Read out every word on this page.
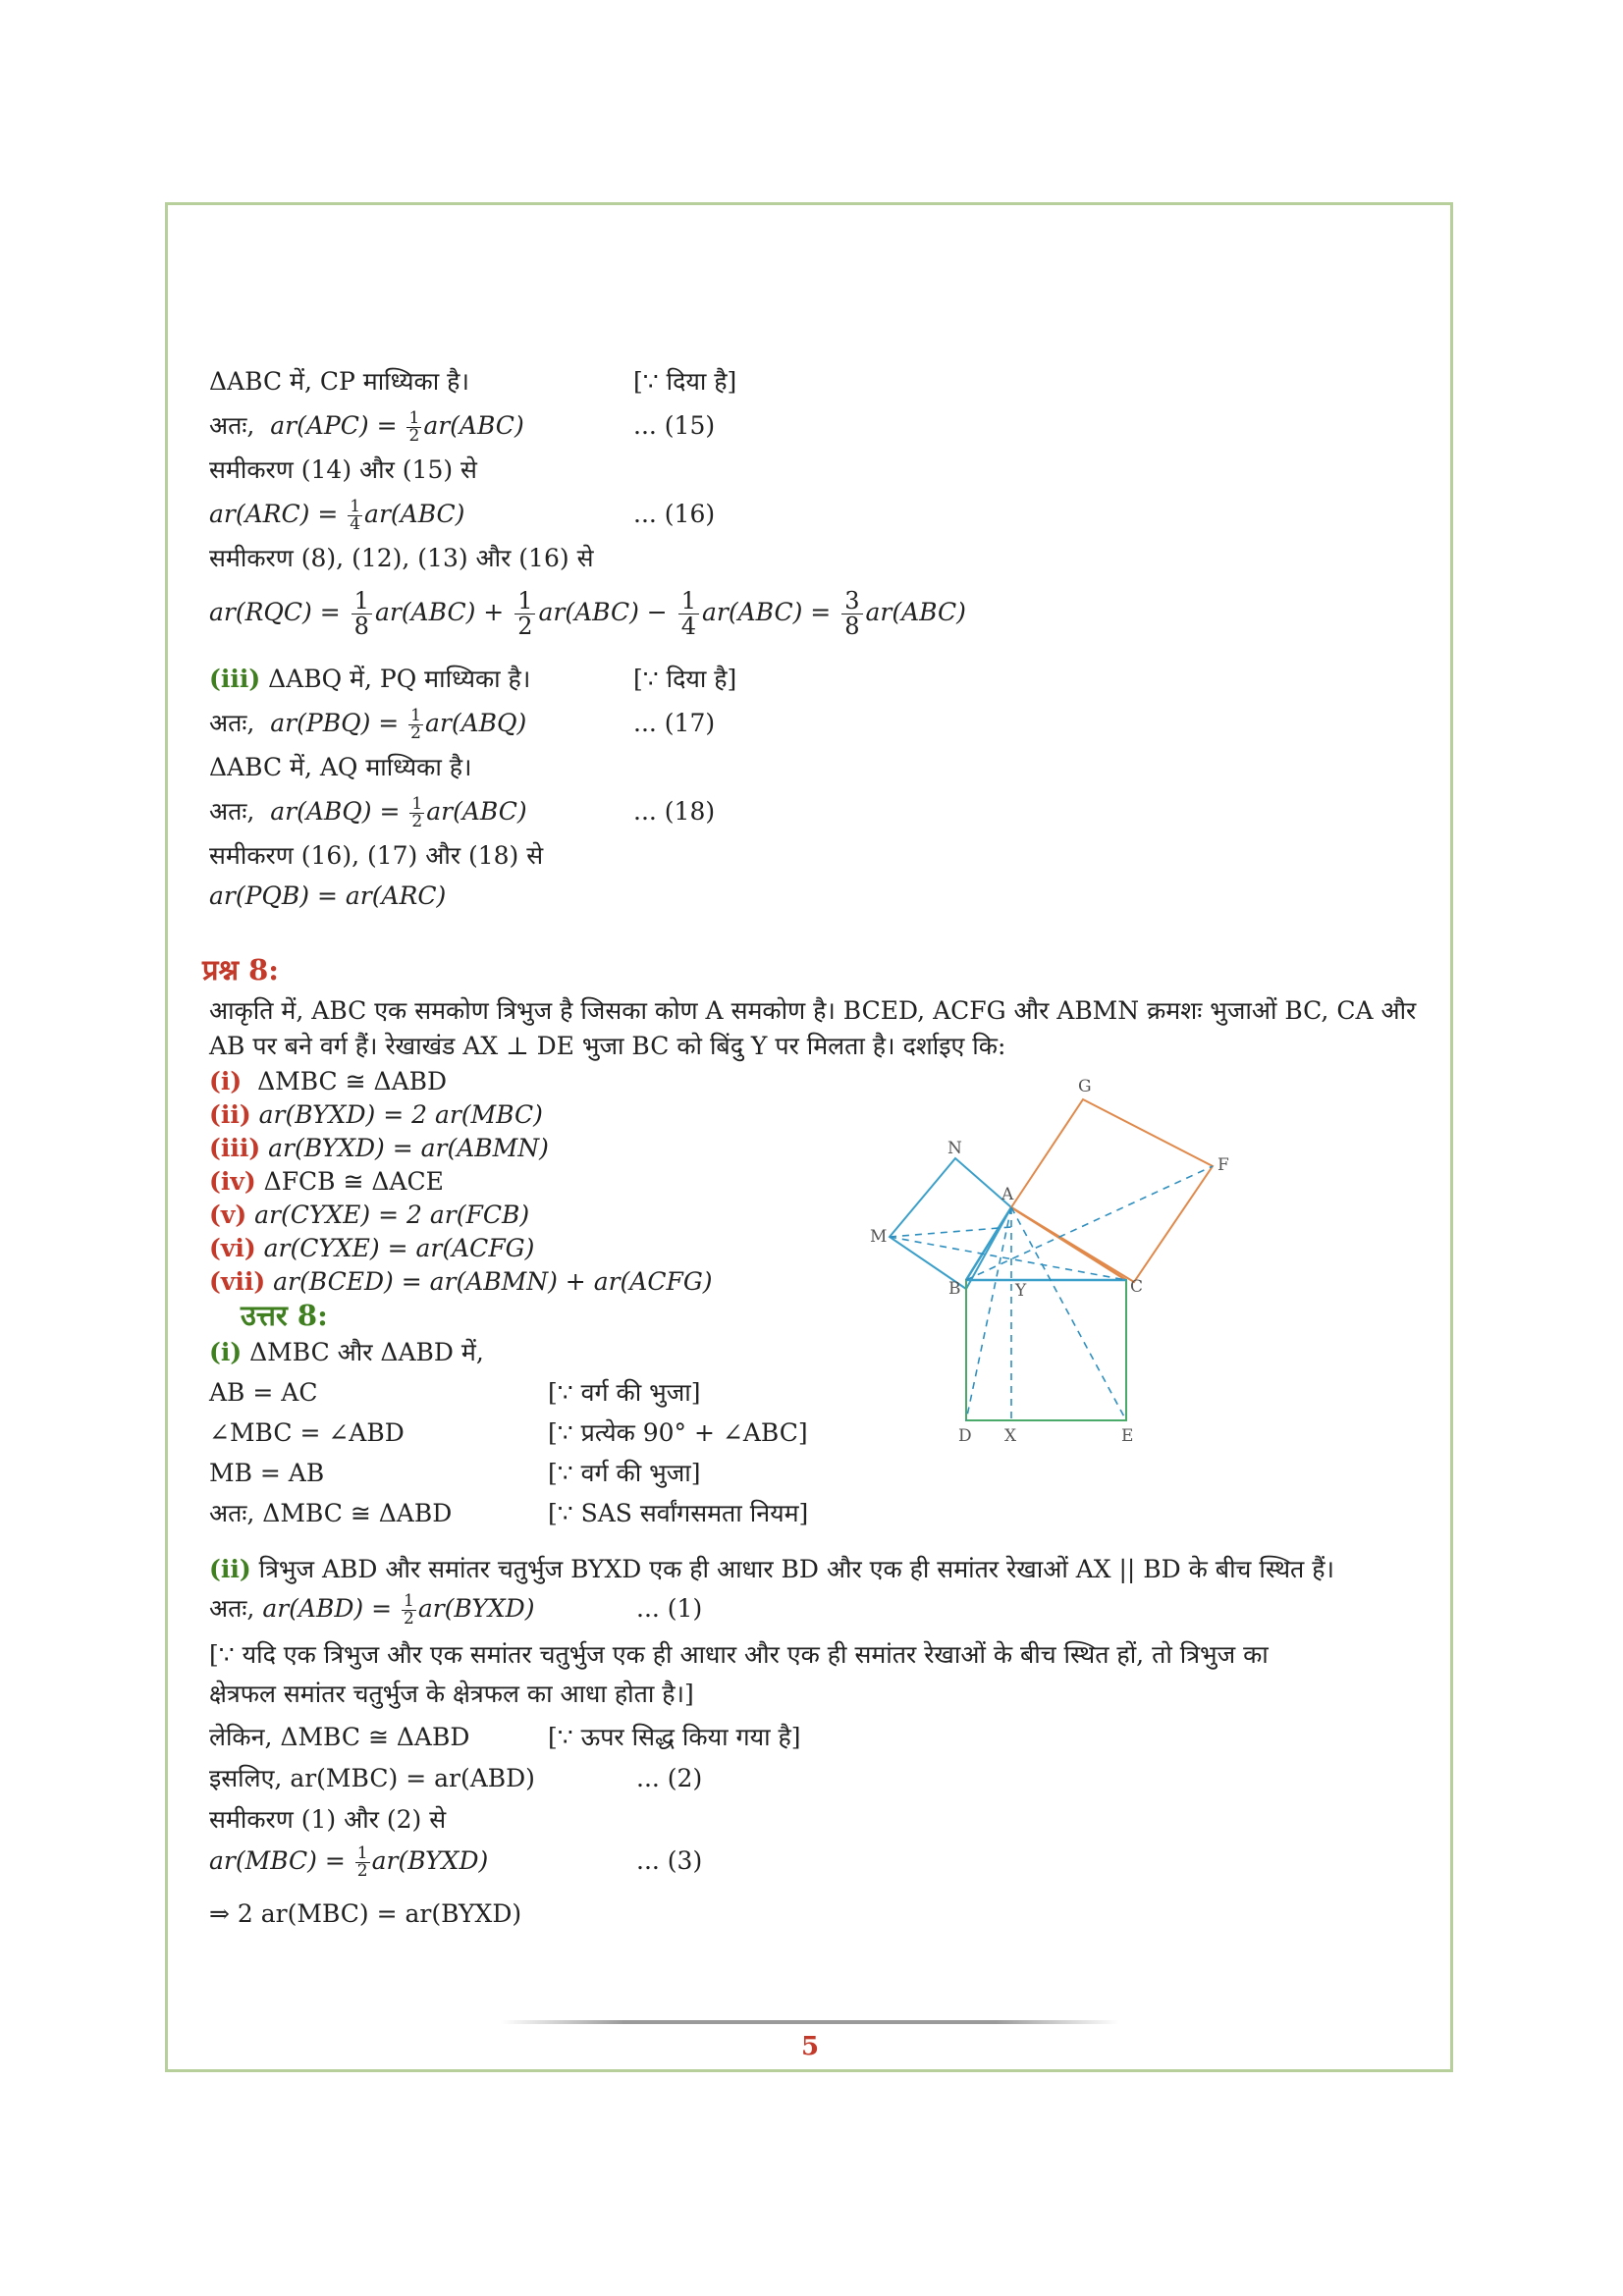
ΔABC में, CP माध्यिका है।	[∵ दिया है]
अतः, $ar(APC) = \frac{1}{2} ar(ABC)$	... (15)
समीकरण (14) और (15) से
$ar(ARC) = \frac{1}{4} ar(ABC)$	... (16)
समीकरण (8), (12), (13) और (16) से
$ar(RQC) = \frac{1}{8} ar(ABC) + \frac{1}{2} ar(ABC) - \frac{1}{4} ar(ABC) = \frac{3}{8} ar(ABC)$
(iii) ΔABQ में, PQ माध्यिका है।	[∵ दिया है]
अतः, $ar(PBQ) = \frac{1}{2} ar(ABQ)$	... (17)
ΔABC में, AQ माध्यिका है।
अतः, $ar(ABQ) = \frac{1}{2} ar(ABC)$	... (18)
समीकरण (16), (17) और (18) से
ar(PQB) = ar(ARC)
प्रश्न 8:
आकृति में, ABC एक समकोण त्रिभुज है जिसका कोण A समकोण है। BCED, ACFG और ABMN क्रमशः भुजाओं BC, CA और
AB पर बने वर्ग हैं। रेखाखंड AX ⊥ DE भुजा BC को बिंदु Y पर मिलता है। दर्शाइए कि:
(i) ΔMBC ≅ ΔABD
(ii) ar(BYXD) = 2 ar(MBC)
(iii) ar(BYXD) = ar(ABMN)
(iv) ΔFCB ≅ ΔACE
(v) ar(CYXE) = 2 ar(FCB)
(vi) ar(CYXE) = ar(ACFG)
(vii) ar(BCED) = ar(ABMN) + ar(ACFG)
उत्तर 8:
(i) ΔMBC और ΔABD में,
AB = AC	[∵ वर्ग की भुजा]
∠MBC = ∠ABD	[∵ प्रत्येक 90° + ∠ABC]
MB = AB	[∵ वर्ग की भुजा]
अतः, ΔMBC ≅ ΔABD	[∵ SAS सर्वांगसमता नियम]
(ii) त्रिभुज ABD और समांतर चतुर्भुज BYXD एक ही आधार BD और एक ही समांतर रेखाओं AX || BD के बीच स्थित हैं।
अतः, $ar(ABD) = \frac{1}{2}$ ar(BYXD)	... (1)
[∵ यदि एक त्रिभुज और एक समांतर चतुर्भुज एक ही आधार और एक ही समांतर रेखाओं के बीच स्थित हों, तो त्रिभुज का
क्षेत्रफल समांतर चतुर्भुज के क्षेत्रफल का आधा होता है।]
लेकिन, ΔMBC ≅ ΔABD	[∵ ऊपर सिद्ध किया गया है]
इसलिए, ar(MBC) = ar(ABD)	... (2)
समीकरण (1) और (2) से
$ar(MBC) = \frac{1}{2}$ ar(BYXD)	... (3)
⇒ 2 ar(MBC) = ar(BYXD)
G
F
N
A
M
B	Y	C
D X	E
5
